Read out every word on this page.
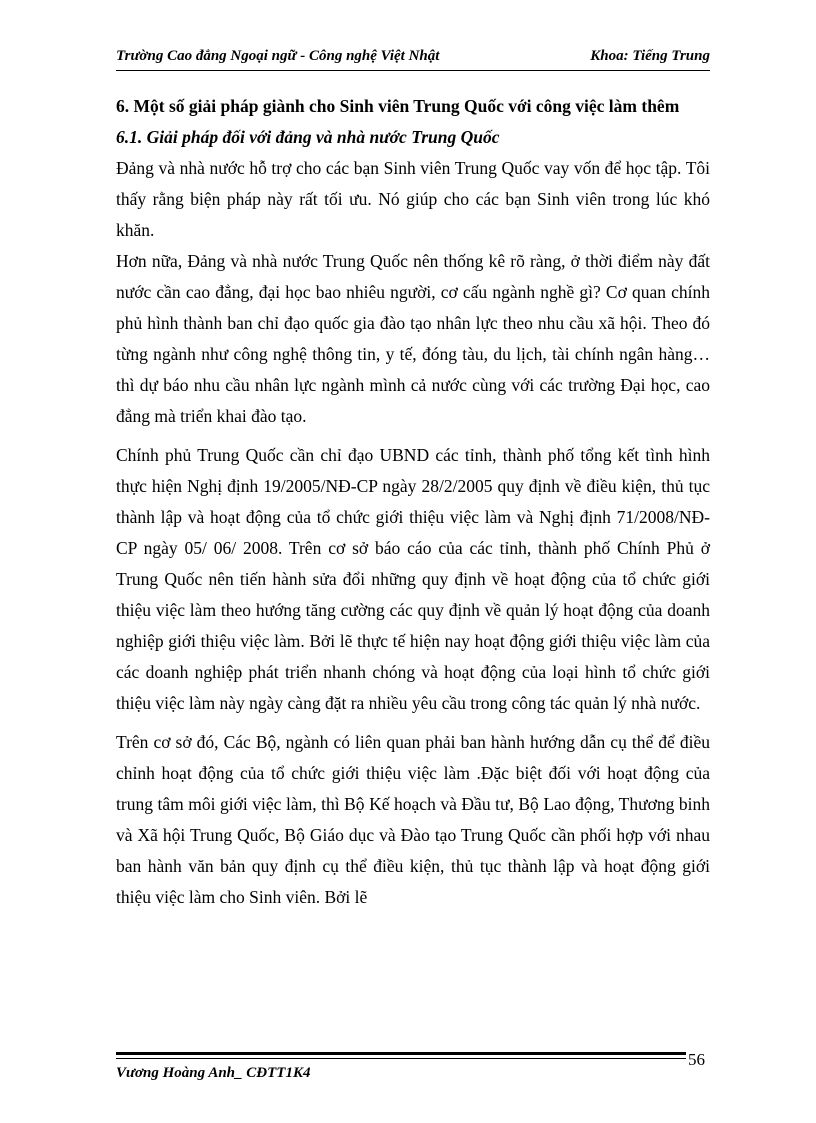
Trường Cao đẳng Ngoại ngữ - Công nghệ Việt Nhật	Khoa: Tiếng Trung

6. Một số giải pháp giành cho Sinh viên Trung Quốc với công việc làm thêm

6.1. Giải pháp đối với đảng và nhà nước Trung Quốc

Đảng và nhà nước hỗ trợ cho các bạn Sinh viên Trung Quốc vay vốn để học tập. Tôi thấy rằng biện pháp này rất tối ưu. Nó giúp cho các bạn Sinh viên trong lúc khó khăn.

Hơn nữa, Đảng và nhà nước Trung Quốc nên thống kê rõ ràng, ở thời điểm này đất nước cần cao đẳng, đại học bao nhiêu người, cơ cấu ngành nghề gì? Cơ quan chính phủ hình thành ban chỉ đạo quốc gia đào tạo nhân lực theo nhu cầu xã hội. Theo đó từng ngành như công nghệ thông tin, y tế, đóng tàu, du lịch, tài chính ngân hàng… thì dự báo nhu cầu nhân lực ngành mình cả nước cùng với các trường Đại học, cao đẳng mà triển khai đào tạo.

Chính phủ Trung Quốc cần chỉ đạo UBND các tỉnh, thành phố tổng kết tình hình thực hiện Nghị định 19/2005/NĐ-CP ngày 28/2/2005 quy định về điều kiện, thủ tục thành lập và hoạt động của tổ chức giới thiệu việc làm và Nghị định 71/2008/NĐ-CP ngày 05/ 06/ 2008. Trên cơ sở báo cáo của các tỉnh, thành phố Chính Phủ ở Trung Quốc nên tiến hành sửa đổi những quy định về hoạt động của tổ chức giới thiệu việc làm theo hướng tăng cường các quy định về quản lý hoạt động của doanh nghiệp giới thiệu việc làm. Bởi lẽ thực tế hiện nay hoạt động giới thiệu việc làm của các doanh nghiệp phát triển nhanh chóng và hoạt động của loại hình tổ chức giới thiệu việc làm này ngày càng đặt ra nhiều yêu cầu trong công tác quản lý nhà nước.

Trên cơ sở đó, Các Bộ, ngành có liên quan phải ban hành hướng dẫn cụ thể để điều chỉnh hoạt động của tổ chức giới thiệu việc làm .Đặc biệt đối với hoạt động của trung tâm môi giới việc làm, thì Bộ Kế hoạch và Đầu tư, Bộ Lao động, Thương binh và Xã hội Trung Quốc, Bộ Giáo dục và Đào tạo Trung Quốc cần phối hợp với nhau ban hành văn bản quy định cụ thể điều kiện, thủ tục thành lập và hoạt động giới thiệu việc làm cho Sinh viên. Bởi lẽ

Vương Hoàng Anh_ CĐTT1K4
56
